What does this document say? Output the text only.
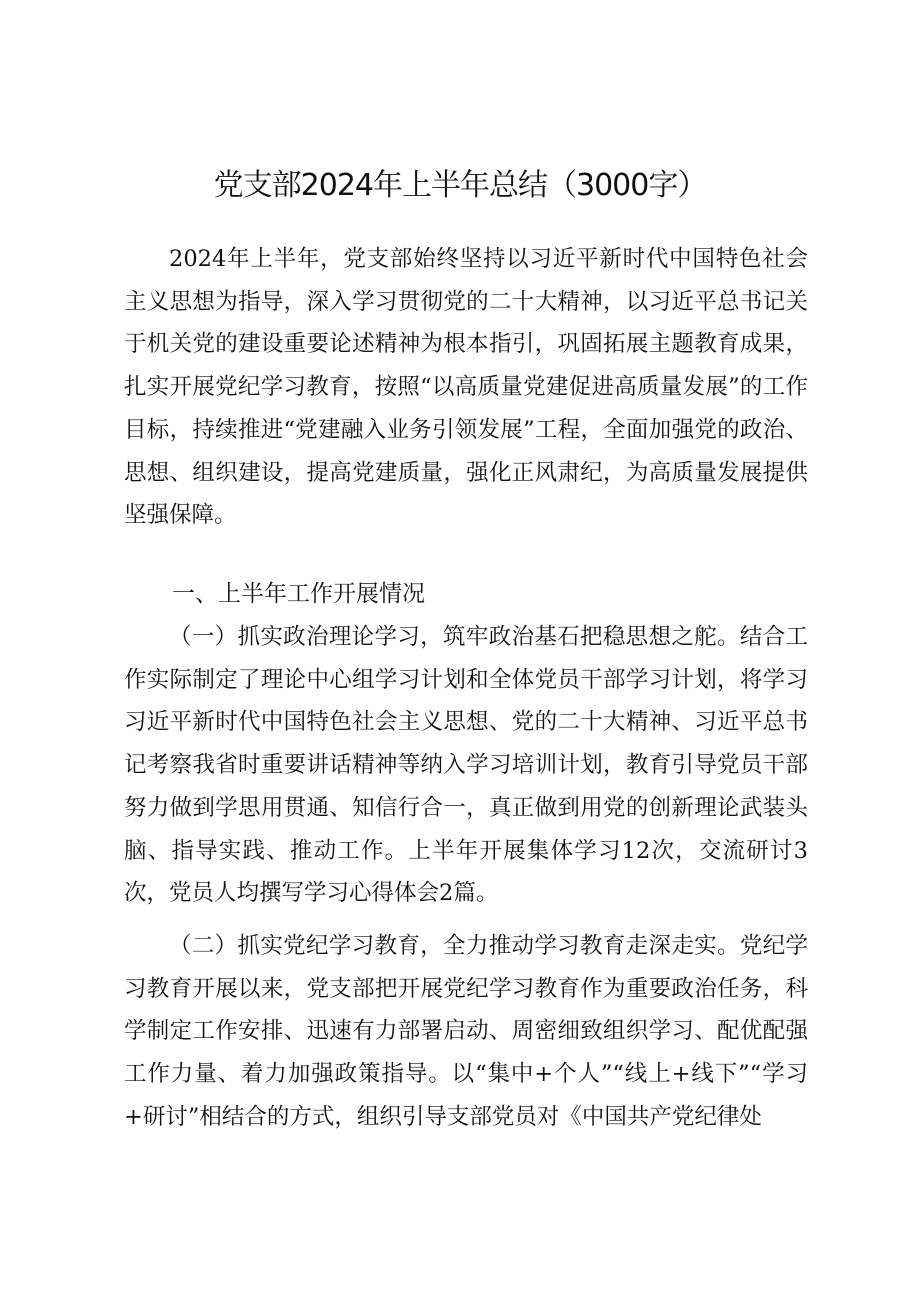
党支部2024年上半年总结（3000字）

2024年上半年，党支部始终坚持以习近平新时代中国特色社会主义思想为指导，深入学习贯彻党的二十大精神，以习近平总书记关于机关党的建设重要论述精神为根本指引，巩固拓展主题教育成果，扎实开展党纪学习教育，按照“以高质量党建促进高质量发展”的工作目标，持续推进“党建融入业务引领发展”工程，全面加强党的政治、思想、组织建设，提高党建质量，强化正风肃纪，为高质量发展提供坚强保障。

一、上半年工作开展情况

（一）抓实政治理论学习，筑牢政治基石把稳思想之舵。结合工作实际制定了理论中心组学习计划和全体党员干部学习计划，将学习习近平新时代中国特色社会主义思想、党的二十大精神、习近平总书记考察我省时重要讲话精神等纳入学习培训计划，教育引导党员干部努力做到学思用贯通、知信行合一，真正做到用党的创新理论武装头脑、指导实践、推动工作。上半年开展集体学习12次，交流研讨3次，党员人均撰写学习心得体会2篇。

（二）抓实党纪学习教育，全力推动学习教育走深走实。党纪学习教育开展以来，党支部把开展党纪学习教育作为重要政治任务，科学制定工作安排、迅速有力部署启动、周密细致组织学习、配优配强工作力量、着力加强政策指导。以“集中+个人”“线上+线下”“学习+研讨”相结合的方式，组织引导支部党员对《中国共产党纪律处
